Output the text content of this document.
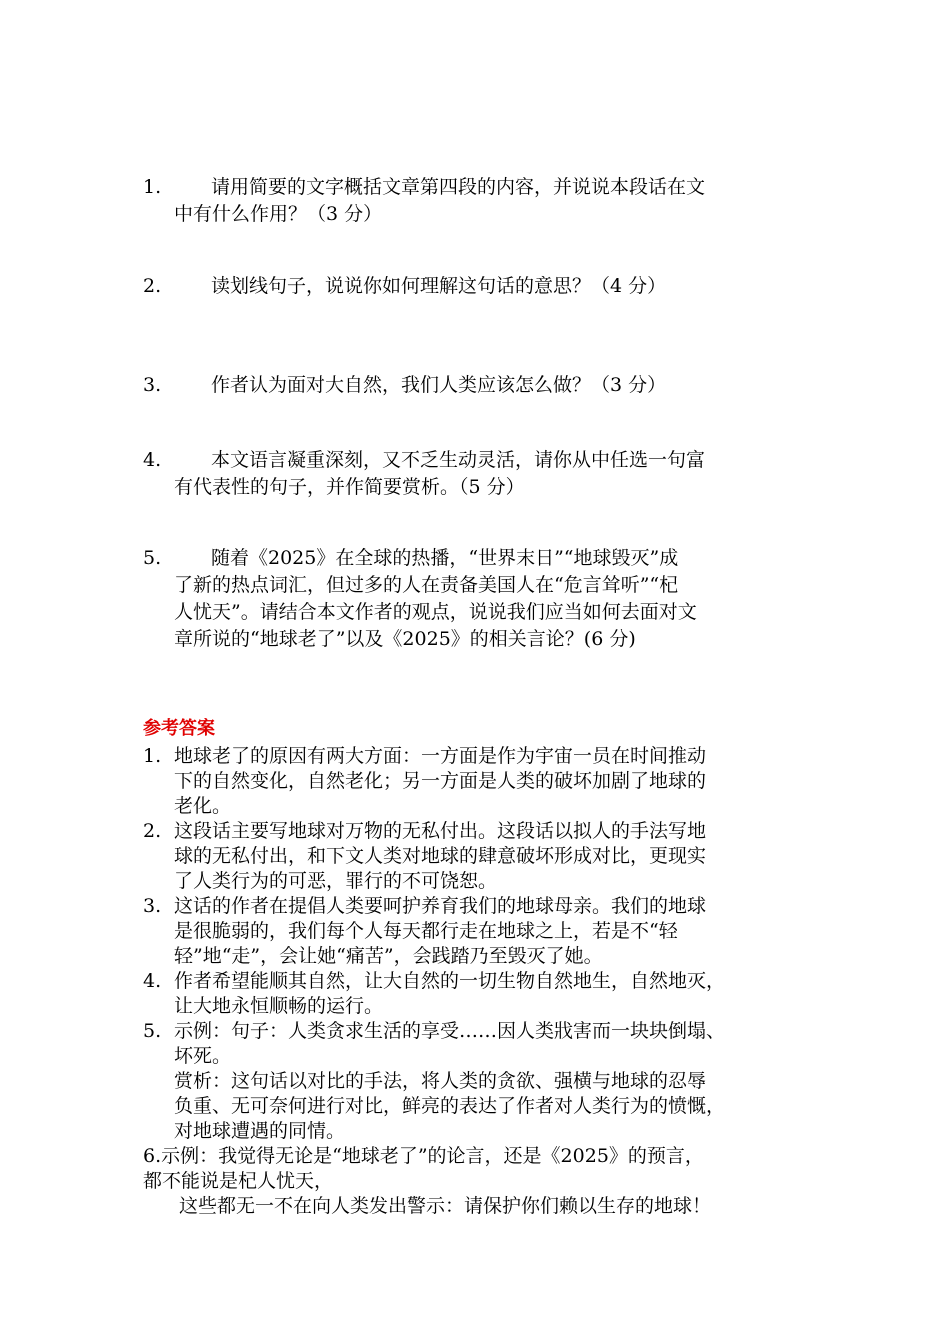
1.	请用简要的文字概括文章第四段的内容，并说说本段话在文
中有什么作用？（3 分）
2.	读划线句子，说说你如何理解这句话的意思？（4 分）
3.	作者认为面对大自然，我们人类应该怎么做？（3 分）
4.	本文语言凝重深刻，又不乏生动灵活，请你从中任选一句富
有代表性的句子，并作简要赏析。（5 分）
5.	随着《2025》在全球的热播，“世界末日”“地球毁灭”成
了新的热点词汇，但过多的人在责备美国人在“危言耸听”“杞
人忧天”。请结合本文作者的观点，说说我们应当如何去面对文
章所说的“地球老了”以及《2025》的相关言论？(6 分)
参考答案
1. 地球老了的原因有两大方面：一方面是作为宇宙一员在时间推动
下的自然变化，自然老化；另一方面是人类的破坏加剧了地球的
老化。
2. 这段话主要写地球对万物的无私付出。这段话以拟人的手法写地
球的无私付出，和下文人类对地球的肆意破坏形成对比，更现实
了人类行为的可恶，罪行的不可饶恕。
3. 这话的作者在提倡人类要呵护养育我们的地球母亲。我们的地球
是很脆弱的，我们每个人每天都行走在地球之上，若是不“轻
轻”地“走”，会让她“痛苦”，会践踏乃至毁灭了她。
4. 作者希望能顺其自然，让大自然的一切生物自然地生，自然地灭，
让大地永恒顺畅的运行。
5. 示例：句子：人类贪求生活的享受……因人类戕害而一块块倒塌、
坏死。
赏析：这句话以对比的手法，将人类的贪欲、强横与地球的忍辱
负重、无可奈何进行对比，鲜亮的表达了作者对人类行为的愤慨，
对地球遭遇的同情。
6.示例：我觉得无论是“地球老了”的论言，还是《2025》的预言，
都不能说是杞人忧天，
这些都无一不在向人类发出警示：请保护你们赖以生存的地球！
